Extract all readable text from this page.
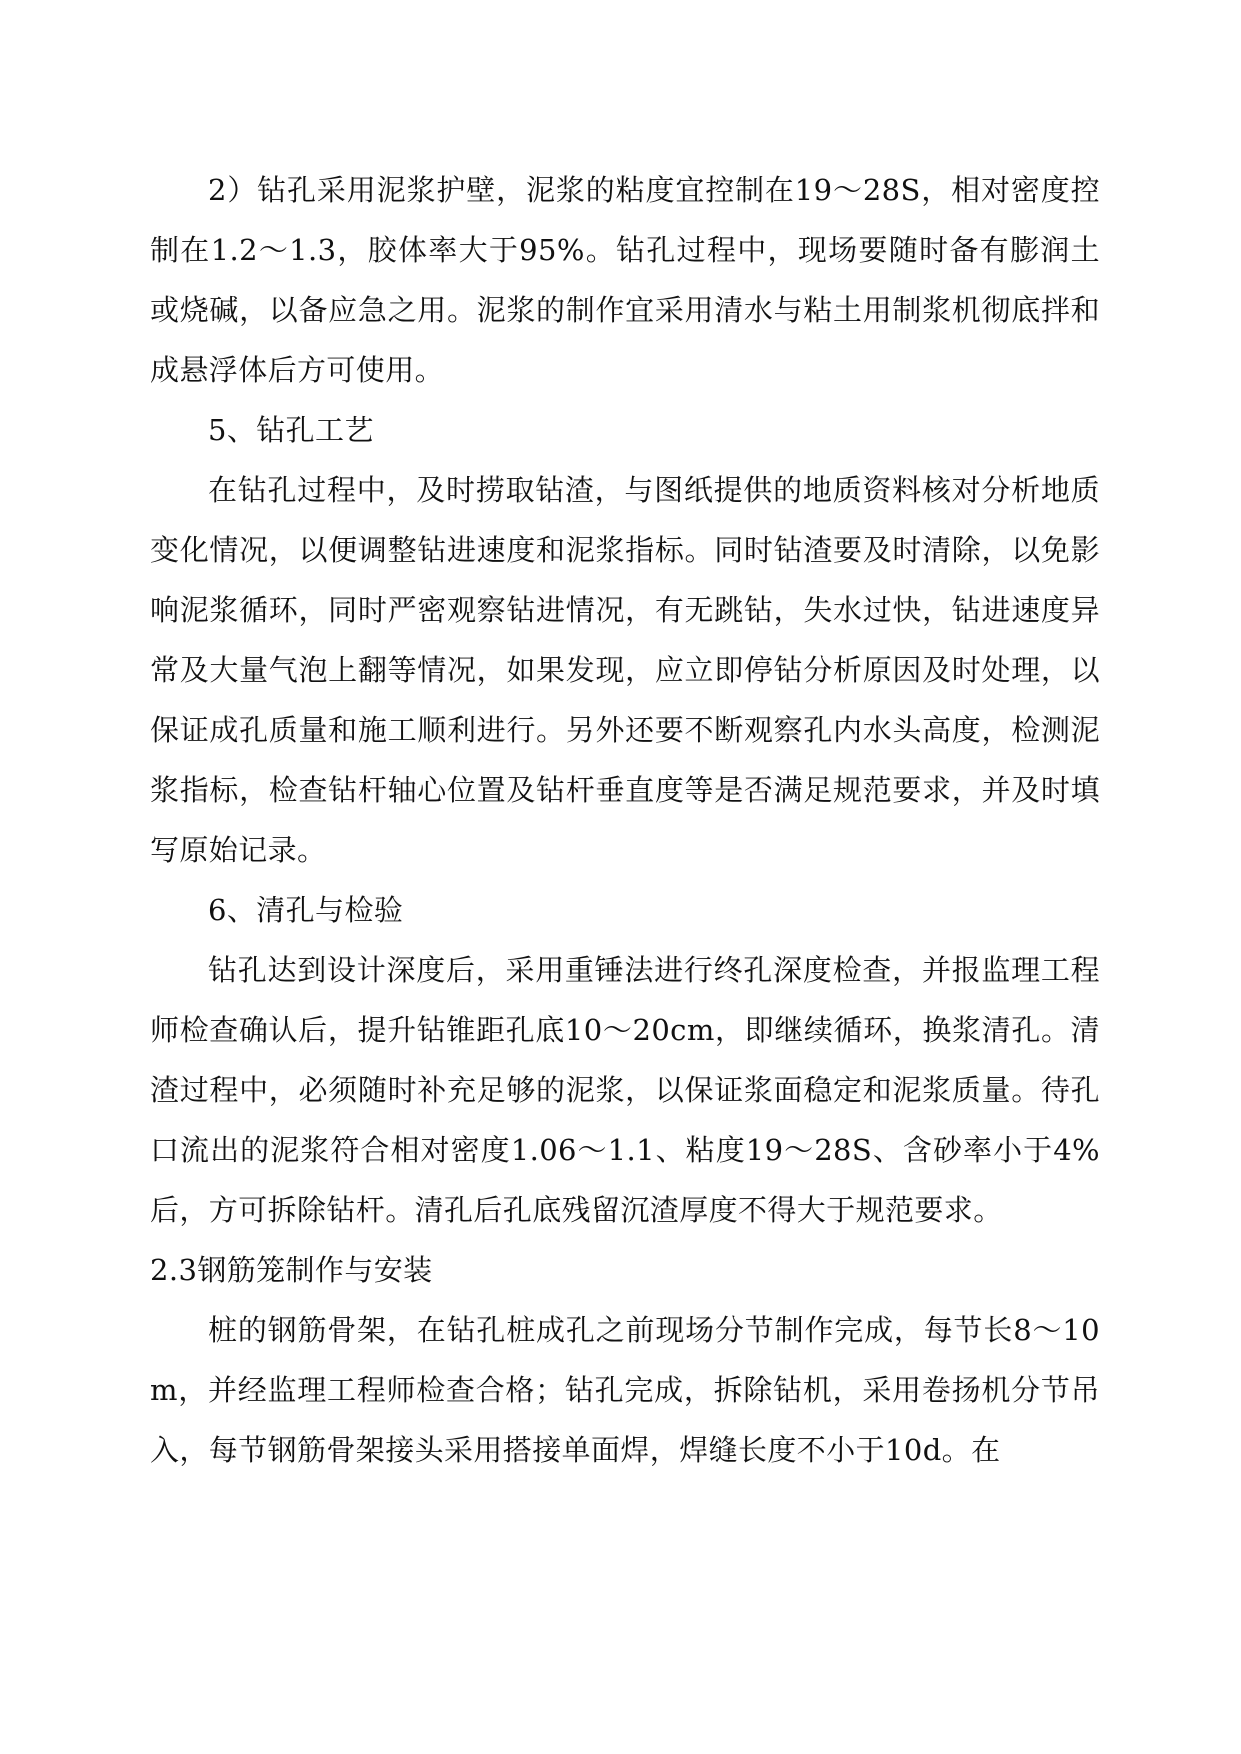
2）钻孔采用泥浆护壁，泥浆的粘度宜控制在19～28S，相对密度控制在1.2～1.3，胶体率大于95%。钻孔过程中，现场要随时备有膨润土或烧碱，以备应急之用。泥浆的制作宜采用清水与粘土用制浆机彻底拌和成悬浮体后方可使用。

5、钻孔工艺

在钻孔过程中，及时捞取钻渣，与图纸提供的地质资料核对分析地质变化情况，以便调整钻进速度和泥浆指标。同时钻渣要及时清除，以免影响泥浆循环，同时严密观察钻进情况，有无跳钻，失水过快，钻进速度异常及大量气泡上翻等情况，如果发现，应立即停钻分析原因及时处理，以保证成孔质量和施工顺利进行。另外还要不断观察孔内水头高度，检测泥浆指标，检查钻杆轴心位置及钻杆垂直度等是否满足规范要求，并及时填写原始记录。

6、清孔与检验

钻孔达到设计深度后，采用重锤法进行终孔深度检查，并报监理工程师检查确认后，提升钻锥距孔底10～20cm，即继续循环，换浆清孔。清渣过程中，必须随时补充足够的泥浆，以保证浆面稳定和泥浆质量。待孔口流出的泥浆符合相对密度1.06～1.1、粘度19～28S、含砂率小于4%后，方可拆除钻杆。清孔后孔底残留沉渣厚度不得大于规范要求。

2.3钢筋笼制作与安装

桩的钢筋骨架，在钻孔桩成孔之前现场分节制作完成，每节长8～10m，并经监理工程师检查合格；钻孔完成，拆除钻机，采用卷扬机分节吊入，每节钢筋骨架接头采用搭接单面焊，焊缝长度不小于10d。在
